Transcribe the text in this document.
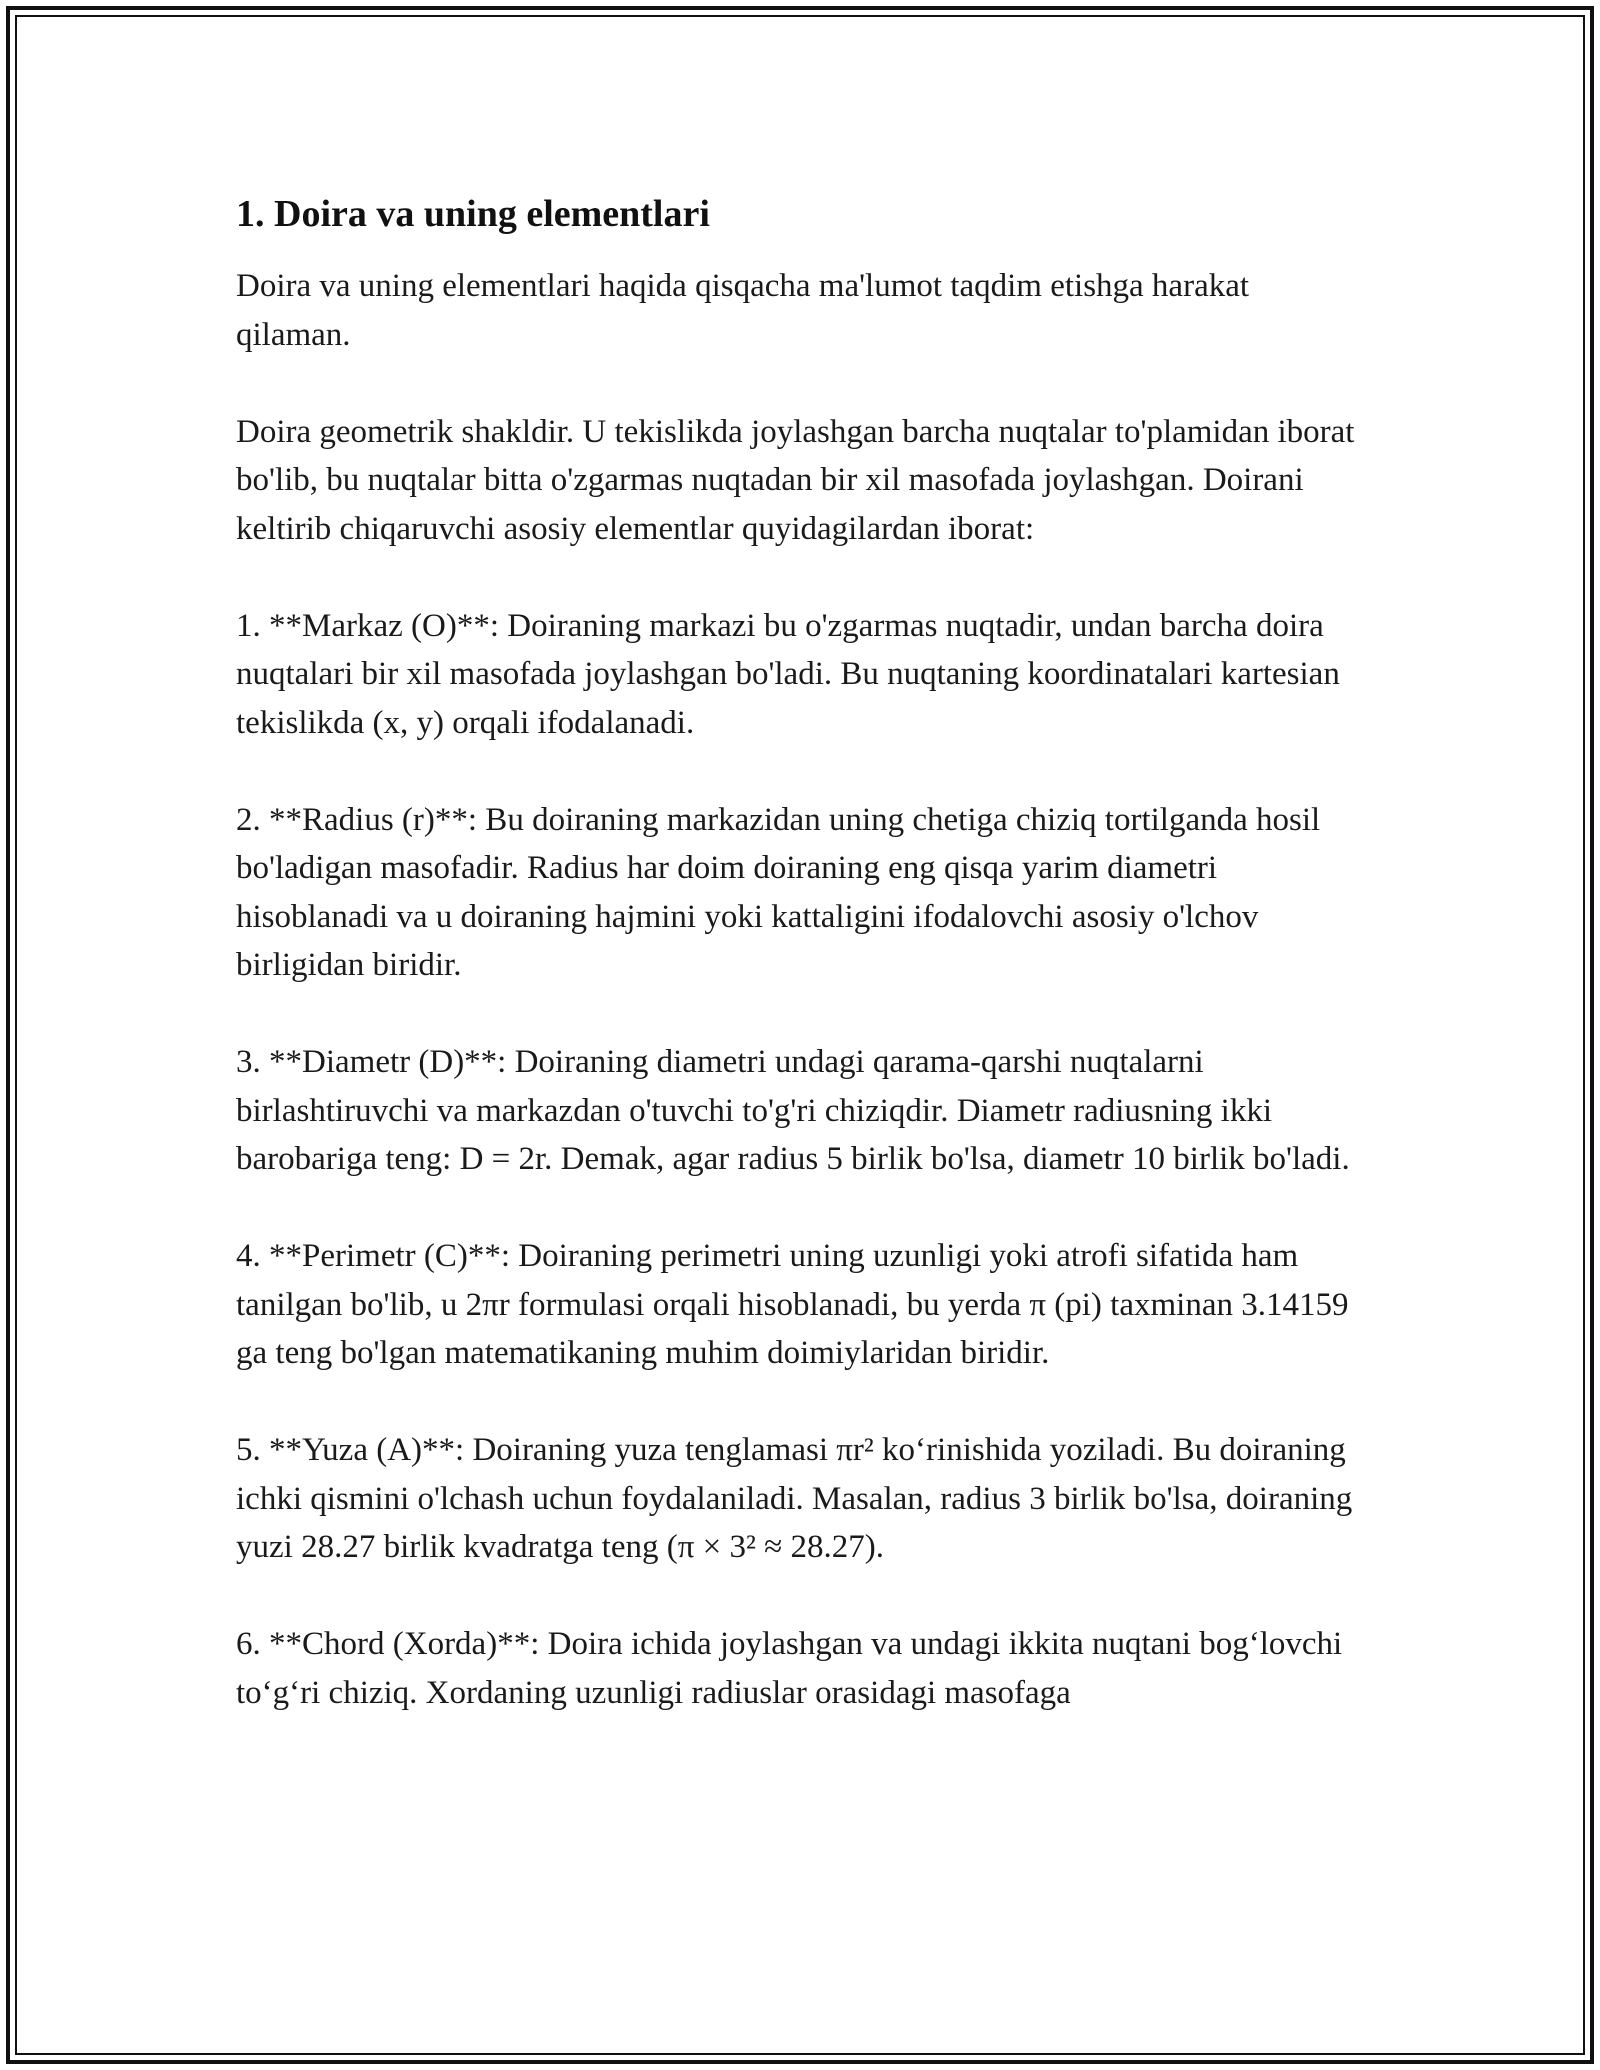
1. Doira va uning elementlari

Doira va uning elementlari haqida qisqacha ma'lumot taqdim etishga harakat qilaman.

Doira geometrik shakldir. U tekislikda joylashgan barcha nuqtalar to'plamidan iborat bo'lib, bu nuqtalar bitta o'zgarmas nuqtadan bir xil masofada joylashgan. Doirani keltirib chiqaruvchi asosiy elementlar quyidagilardan iborat:

1. **Markaz (O)**: Doiraning markazi bu o'zgarmas nuqtadir, undan barcha doira nuqtalari bir xil masofada joylashgan bo'ladi. Bu nuqtaning koordinatalari kartesian tekislikda (x, y) orqali ifodalanadi.

2. **Radius (r)**: Bu doiraning markazidan uning chetiga chiziq tortilganda hosil bo'ladigan masofadir. Radius har doim doiraning eng qisqa yarim diametri hisoblanadi va u doiraning hajmini yoki kattaligini ifodalovchi asosiy o'lchov birligidan biridir.

3. **Diametr (D)**: Doiraning diametri undagi qarama-qarshi nuqtalarni birlashtiruvchi va markazdan o'tuvchi to'g'ri chiziqdir. Diametr radiusning ikki barobariga teng: D = 2r. Demak, agar radius 5 birlik bo'lsa, diametr 10 birlik bo'ladi.

4. **Perimetr (C)**: Doiraning perimetri uning uzunligi yoki atrofi sifatida ham tanilgan bo'lib, u 2πr formulasi orqali hisoblanadi, bu yerda π (pi) taxminan 3.14159 ga teng bo'lgan matematikaning muhim doimiylaridan biridir.

5. **Yuza (A)**: Doiraning yuza tenglamasi πr² ko‘rinishida yoziladi. Bu doiraning ichki qismini o'lchash uchun foydalaniladi. Masalan, radius 3 birlik bo'lsa, doiraning yuzi 28.27 birlik kvadratga teng (π × 3² ≈ 28.27).

6. **Chord (Xorda)**: Doira ichida joylashgan va undagi ikkita nuqtani bog‘lovchi to‘g‘ri chiziq. Xordaning uzunligi radiuslar orasidagi masofaga
